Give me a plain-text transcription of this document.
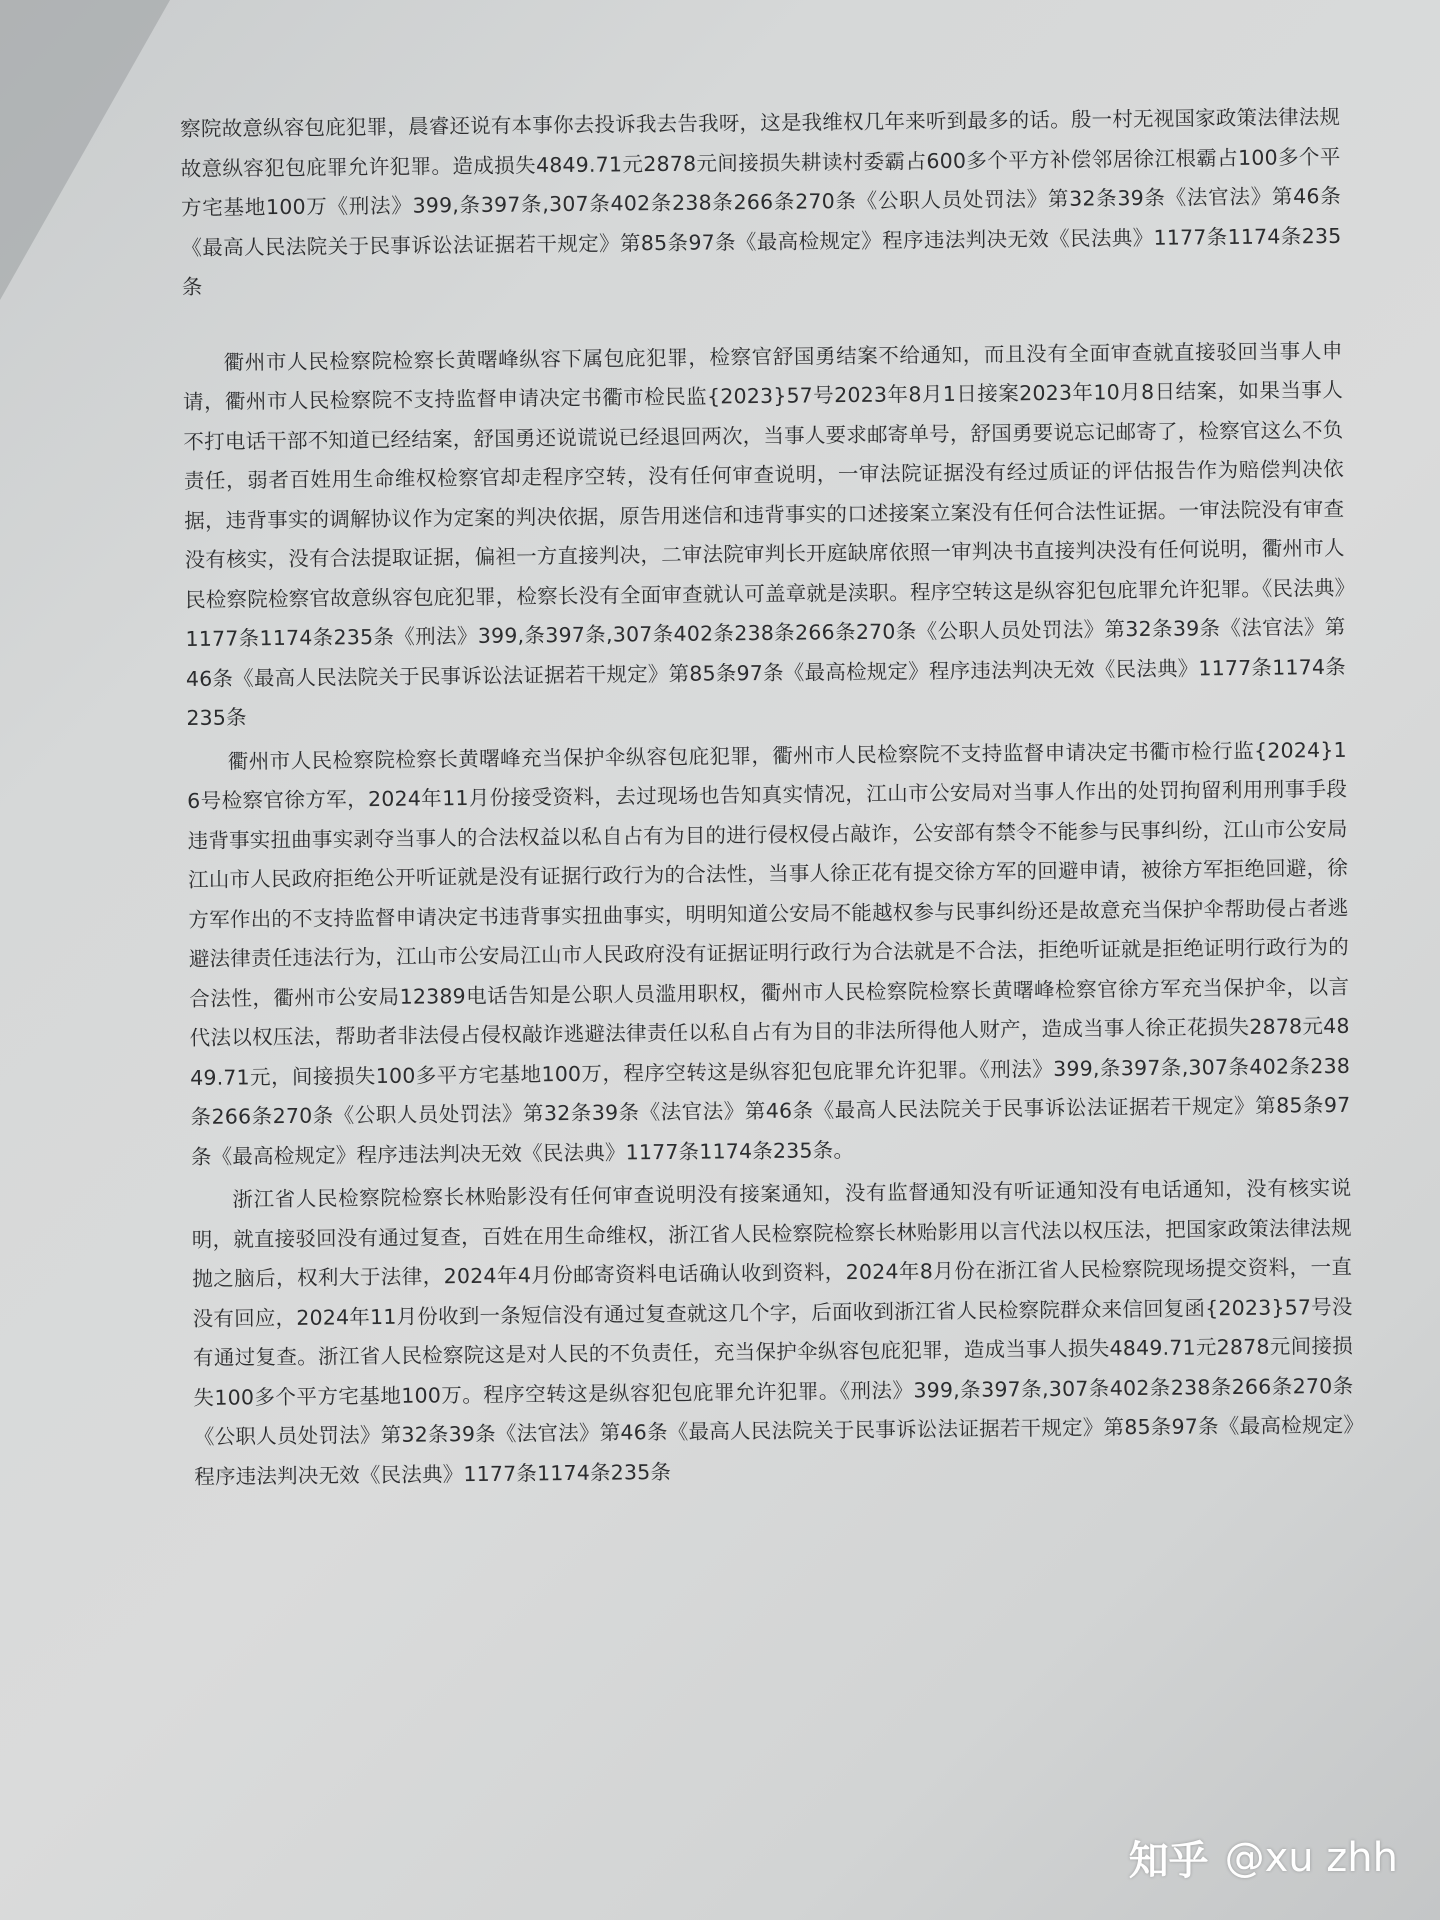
察院故意纵容包庇犯罪，晨睿还说有本事你去投诉我去告我呀，这是我维权几年来听到最多的话。殷一村无视国家政策法律法规故意纵容犯包庇罪允许犯罪。造成损失4849.71元2878元间接损失耕读村委霸占600多个平方补偿邻居徐江根霸占100多个平方宅基地100万《刑法》399,条397条,307条402条238条266条270条《公职人员处罚法》第32条39条《法官法》第46条《最高人民法院关于民事诉讼法证据若干规定》第85条97条《最高检规定》程序违法判决无效《民法典》1177条1174条235条

衢州市人民检察院检察长黄曙峰纵容下属包庇犯罪，检察官舒国勇结案不给通知，而且没有全面审查就直接驳回当事人申请，衢州市人民检察院不支持监督申请决定书衢市检民监{2023}57号2023年8月1日接案2023年10月8日结案，如果当事人不打电话干部不知道已经结案，舒国勇还说谎说已经退回两次，当事人要求邮寄单号，舒国勇要说忘记邮寄了，检察官这么不负责任，弱者百姓用生命维权检察官却走程序空转，没有任何审查说明，一审法院证据没有经过质证的评估报告作为赔偿判决依据，违背事实的调解协议作为定案的判决依据，原告用迷信和违背事实的口述接案立案没有任何合法性证据。一审法院没有审查没有核实，没有合法提取证据，偏袒一方直接判决，二审法院审判长开庭缺席依照一审判决书直接判决没有任何说明，衢州市人民检察院检察官故意纵容包庇犯罪，检察长没有全面审查就认可盖章就是渎职。程序空转这是纵容犯包庇罪允许犯罪。《民法典》1177条1174条235条《刑法》399,条397条,307条402条238条266条270条《公职人员处罚法》第32条39条《法官法》第46条《最高人民法院关于民事诉讼法证据若干规定》第85条97条《最高检规定》程序违法判决无效《民法典》1177条1174条235条

衢州市人民检察院检察长黄曙峰充当保护伞纵容包庇犯罪，衢州市人民检察院不支持监督申请决定书衢市检行监{2024}16号检察官徐方军，2024年11月份接受资料，去过现场也告知真实情况，江山市公安局对当事人作出的处罚拘留利用刑事手段违背事实扭曲事实剥夺当事人的合法权益以私自占有为目的进行侵权侵占敲诈，公安部有禁令不能参与民事纠纷，江山市公安局江山市人民政府拒绝公开听证就是没有证据行政行为的合法性，当事人徐正花有提交徐方军的回避申请，被徐方军拒绝回避，徐方军作出的不支持监督申请决定书违背事实扭曲事实，明明知道公安局不能越权参与民事纠纷还是故意充当保护伞帮助侵占者逃避法律责任违法行为，江山市公安局江山市人民政府没有证据证明行政行为合法就是不合法，拒绝听证就是拒绝证明行政行为的合法性，衢州市公安局12389电话告知是公职人员滥用职权，衢州市人民检察院检察长黄曙峰检察官徐方军充当保护伞，以言代法以权压法，帮助者非法侵占侵权敲诈逃避法律责任以私自占有为目的非法所得他人财产，造成当事人徐正花损失2878元4849.71元，间接损失100多平方宅基地100万，程序空转这是纵容犯包庇罪允许犯罪。《刑法》399,条397条,307条402条238条266条270条《公职人员处罚法》第32条39条《法官法》第46条《最高人民法院关于民事诉讼法证据若干规定》第85条97条《最高检规定》程序违法判决无效《民法典》1177条1174条235条。

浙江省人民检察院检察长林贻影没有任何审查说明没有接案通知，没有监督通知没有听证通知没有电话通知，没有核实说明，就直接驳回没有通过复查，百姓在用生命维权，浙江省人民检察院检察长林贻影用以言代法以权压法，把国家政策法律法规抛之脑后，权利大于法律，2024年4月份邮寄资料电话确认收到资料，2024年8月份在浙江省人民检察院现场提交资料，一直没有回应，2024年11月份收到一条短信没有通过复查就这几个字，后面收到浙江省人民检察院群众来信回复函{2023}57号没有通过复查。浙江省人民检察院这是对人民的不负责任，充当保护伞纵容包庇犯罪，造成当事人损失4849.71元2878元间接损失100多个平方宅基地100万。程序空转这是纵容犯包庇罪允许犯罪。《刑法》399,条397条,307条402条238条266条270条《公职人员处罚法》第32条39条《法官法》第46条《最高人民法院关于民事诉讼法证据若干规定》第85条97条《最高检规定》程序违法判决无效《民法典》1177条1174条235条

知乎 @xu zhh
